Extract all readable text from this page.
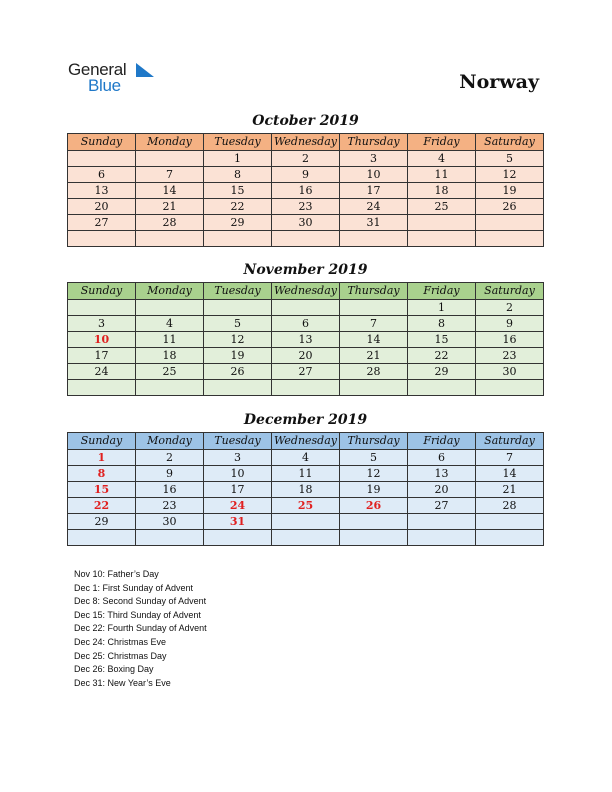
General
Blue	Norway
October 2019
Sunday	Monday	Tuesday	Wednesday	Thursday	Friday	Saturday
		1	2	3	4	5
6	7	8	9	10	11	12
13	14	15	16	17	18	19
20	21	22	23	24	25	26
27	28	29	30	31		

November 2019
Sunday	Monday	Tuesday	Wednesday	Thursday	Friday	Saturday
					1	2
3	4	5	6	7	8	9
10	11	12	13	14	15	16
17	18	19	20	21	22	23
24	25	26	27	28	29	30

December 2019
Sunday	Monday	Tuesday	Wednesday	Thursday	Friday	Saturday
1	2	3	4	5	6	7
8	9	10	11	12	13	14
15	16	17	18	19	20	21
22	23	24	25	26	27	28
29	30	31				

Nov 10: Father’s Day
Dec 1: First Sunday of Advent
Dec 8: Second Sunday of Advent
Dec 15: Third Sunday of Advent
Dec 22: Fourth Sunday of Advent
Dec 24: Christmas Eve
Dec 25: Christmas Day
Dec 26: Boxing Day
Dec 31: New Year’s Eve
